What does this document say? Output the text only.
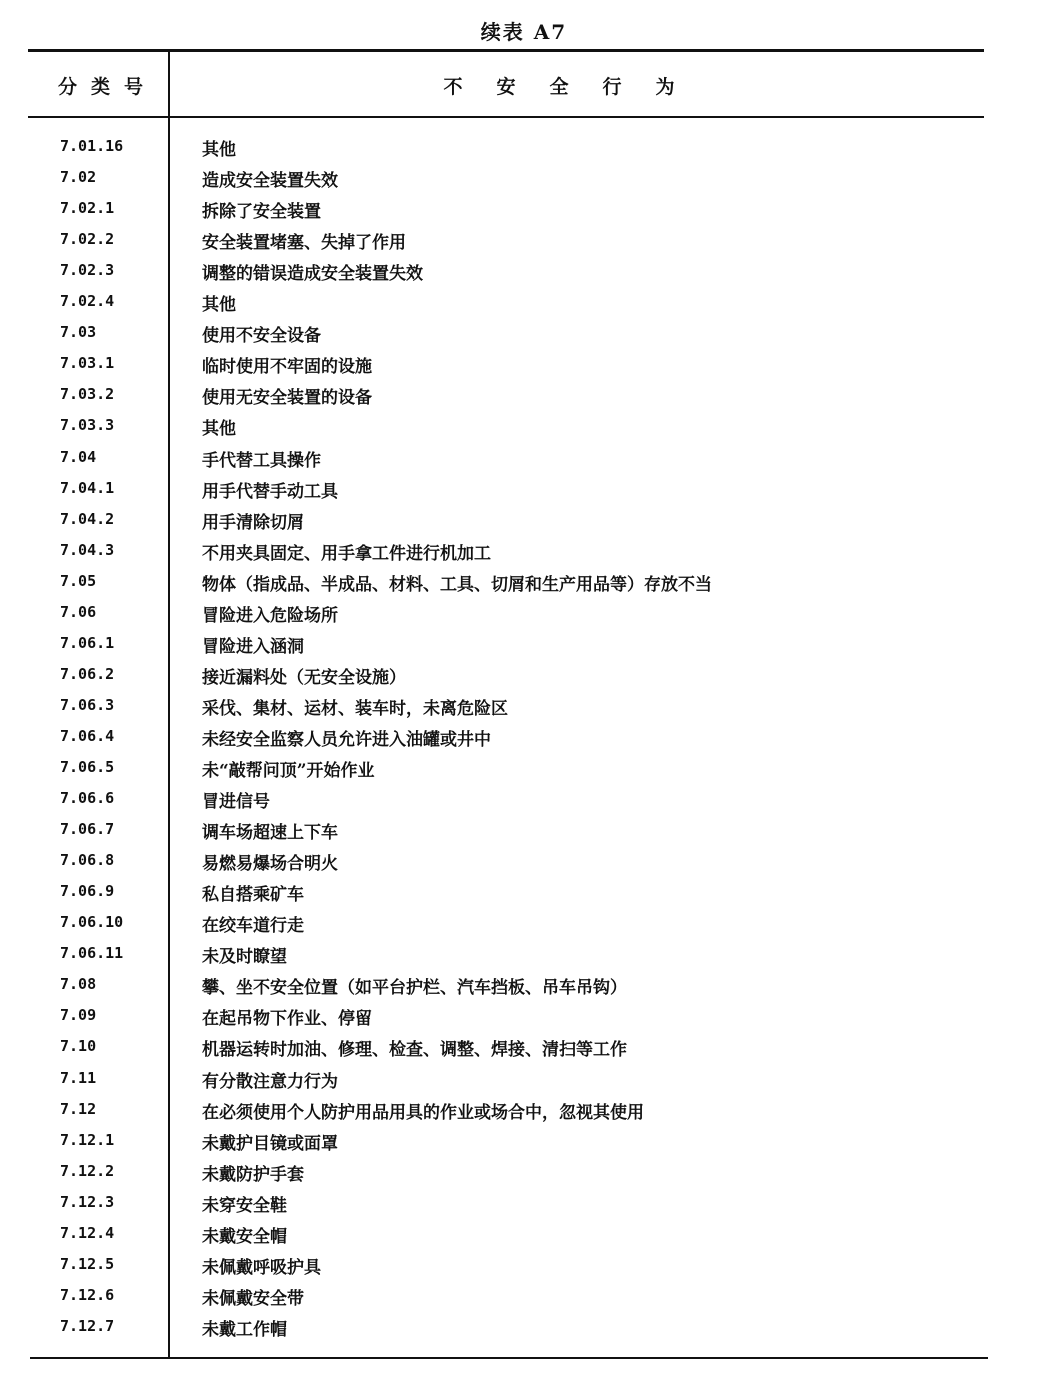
续表 A7
分类号	不安全行为
7.01.16	其他
7.02	造成安全装置失效
7.02.1	拆除了安全装置
7.02.2	安全装置堵塞、失掉了作用
7.02.3	调整的错误造成安全装置失效
7.02.4	其他
7.03	使用不安全设备
7.03.1	临时使用不牢固的设施
7.03.2	使用无安全装置的设备
7.03.3	其他
7.04	手代替工具操作
7.04.1	用手代替手动工具
7.04.2	用手清除切屑
7.04.3	不用夹具固定、用手拿工件进行机加工
7.05	物体（指成品、半成品、材料、工具、切屑和生产用品等）存放不当
7.06	冒险进入危险场所
7.06.1	冒险进入涵洞
7.06.2	接近漏料处（无安全设施）
7.06.3	采伐、集材、运材、装车时，未离危险区
7.06.4	未经安全监察人员允许进入油罐或井中
7.06.5	未“敲帮问顶”开始作业
7.06.6	冒进信号
7.06.7	调车场超速上下车
7.06.8	易燃易爆场合明火
7.06.9	私自搭乘矿车
7.06.10	在绞车道行走
7.06.11	未及时瞭望
7.08	攀、坐不安全位置（如平台护栏、汽车挡板、吊车吊钩）
7.09	在起吊物下作业、停留
7.10	机器运转时加油、修理、检查、调整、焊接、清扫等工作
7.11	有分散注意力行为
7.12	在必须使用个人防护用品用具的作业或场合中，忽视其使用
7.12.1	未戴护目镜或面罩
7.12.2	未戴防护手套
7.12.3	未穿安全鞋
7.12.4	未戴安全帽
7.12.5	未佩戴呼吸护具
7.12.6	未佩戴安全带
7.12.7	未戴工作帽
